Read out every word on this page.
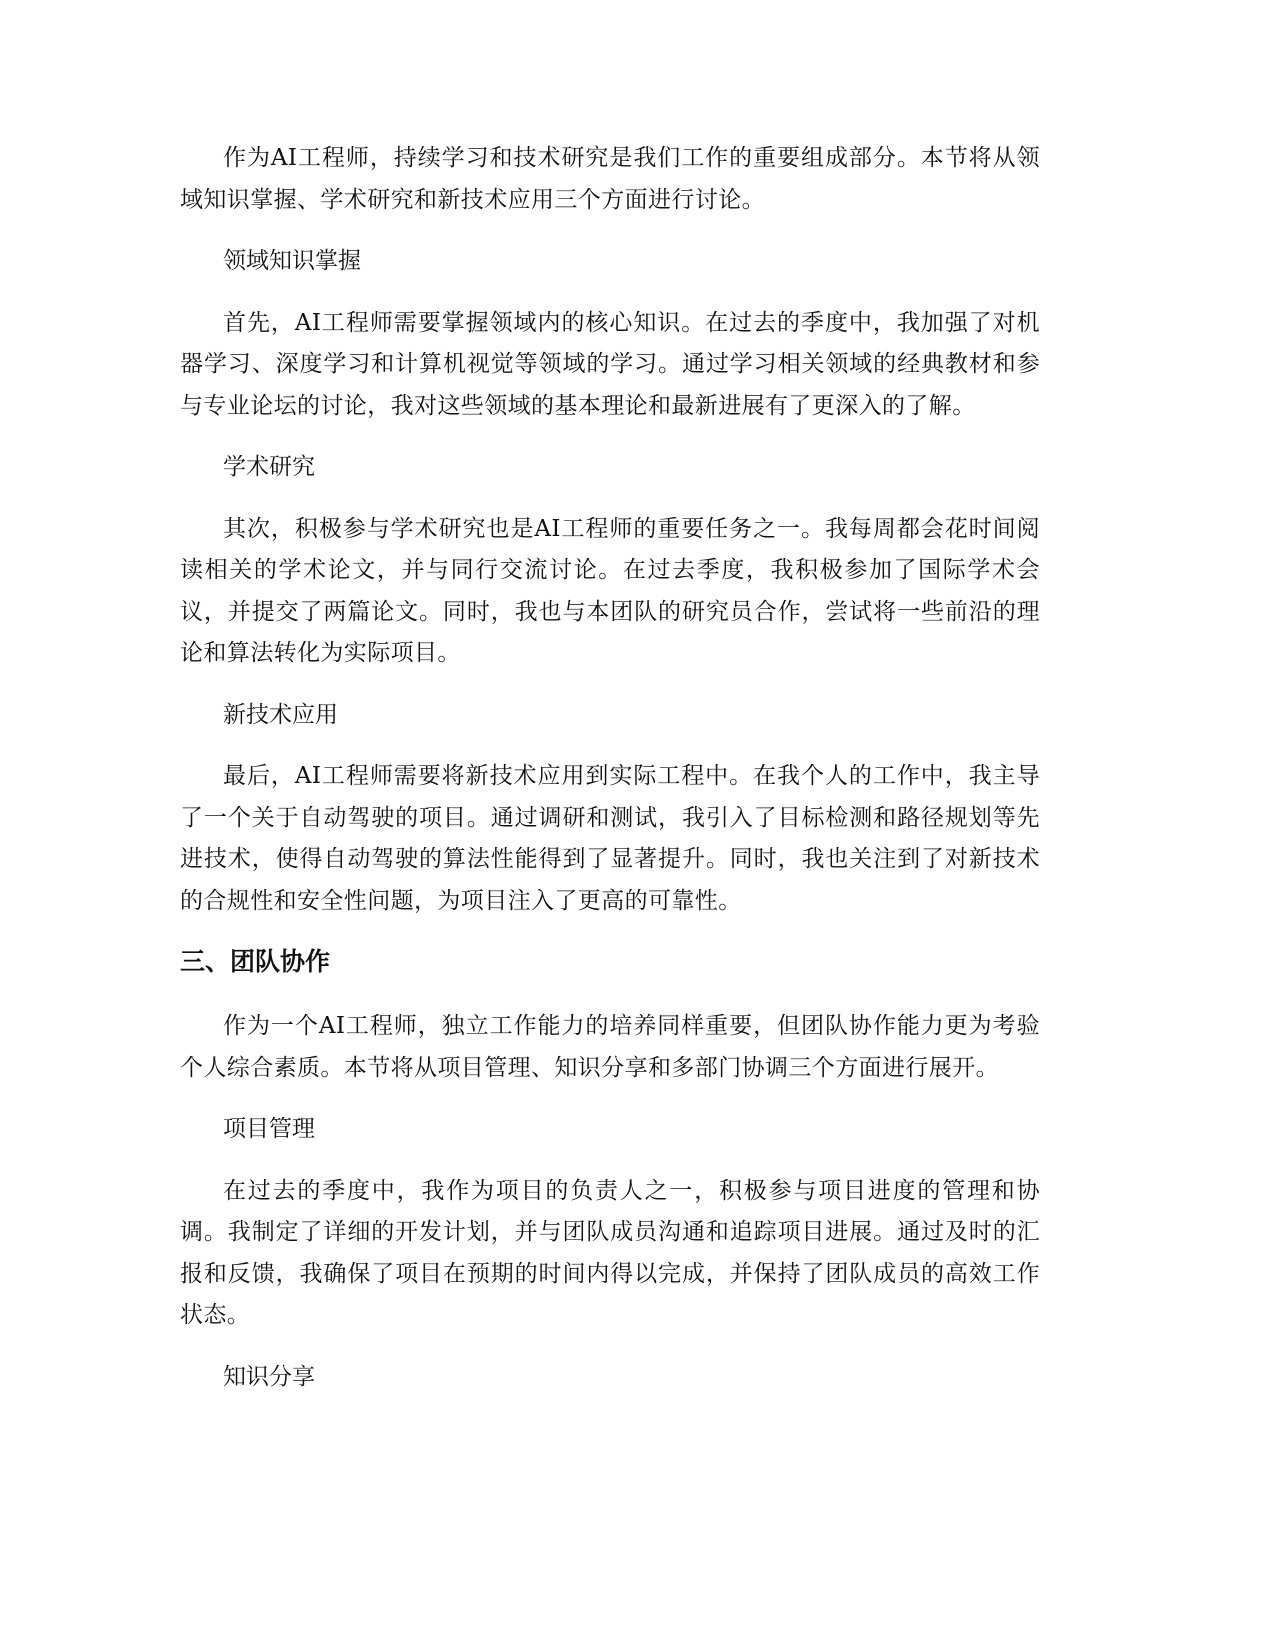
作为AI工程师，持续学习和技术研究是我们工作的重要组成部分。本节将从领域知识掌握、学术研究和新技术应用三个方面进行讨论。

领域知识掌握

首先，AI工程师需要掌握领域内的核心知识。在过去的季度中，我加强了对机器学习、深度学习和计算机视觉等领域的学习。通过学习相关领域的经典教材和参与专业论坛的讨论，我对这些领域的基本理论和最新进展有了更深入的了解。

学术研究

其次，积极参与学术研究也是AI工程师的重要任务之一。我每周都会花时间阅读相关的学术论文，并与同行交流讨论。在过去季度，我积极参加了国际学术会议，并提交了两篇论文。同时，我也与本团队的研究员合作，尝试将一些前沿的理论和算法转化为实际项目。

新技术应用

最后，AI工程师需要将新技术应用到实际工程中。在我个人的工作中，我主导了一个关于自动驾驶的项目。通过调研和测试，我引入了目标检测和路径规划等先进技术，使得自动驾驶的算法性能得到了显著提升。同时，我也关注到了对新技术的合规性和安全性问题，为项目注入了更高的可靠性。

三、团队协作

作为一个AI工程师，独立工作能力的培养同样重要，但团队协作能力更为考验个人综合素质。本节将从项目管理、知识分享和多部门协调三个方面进行展开。

项目管理

在过去的季度中，我作为项目的负责人之一，积极参与项目进度的管理和协调。我制定了详细的开发计划，并与团队成员沟通和追踪项目进展。通过及时的汇报和反馈，我确保了项目在预期的时间内得以完成，并保持了团队成员的高效工作状态。

知识分享
